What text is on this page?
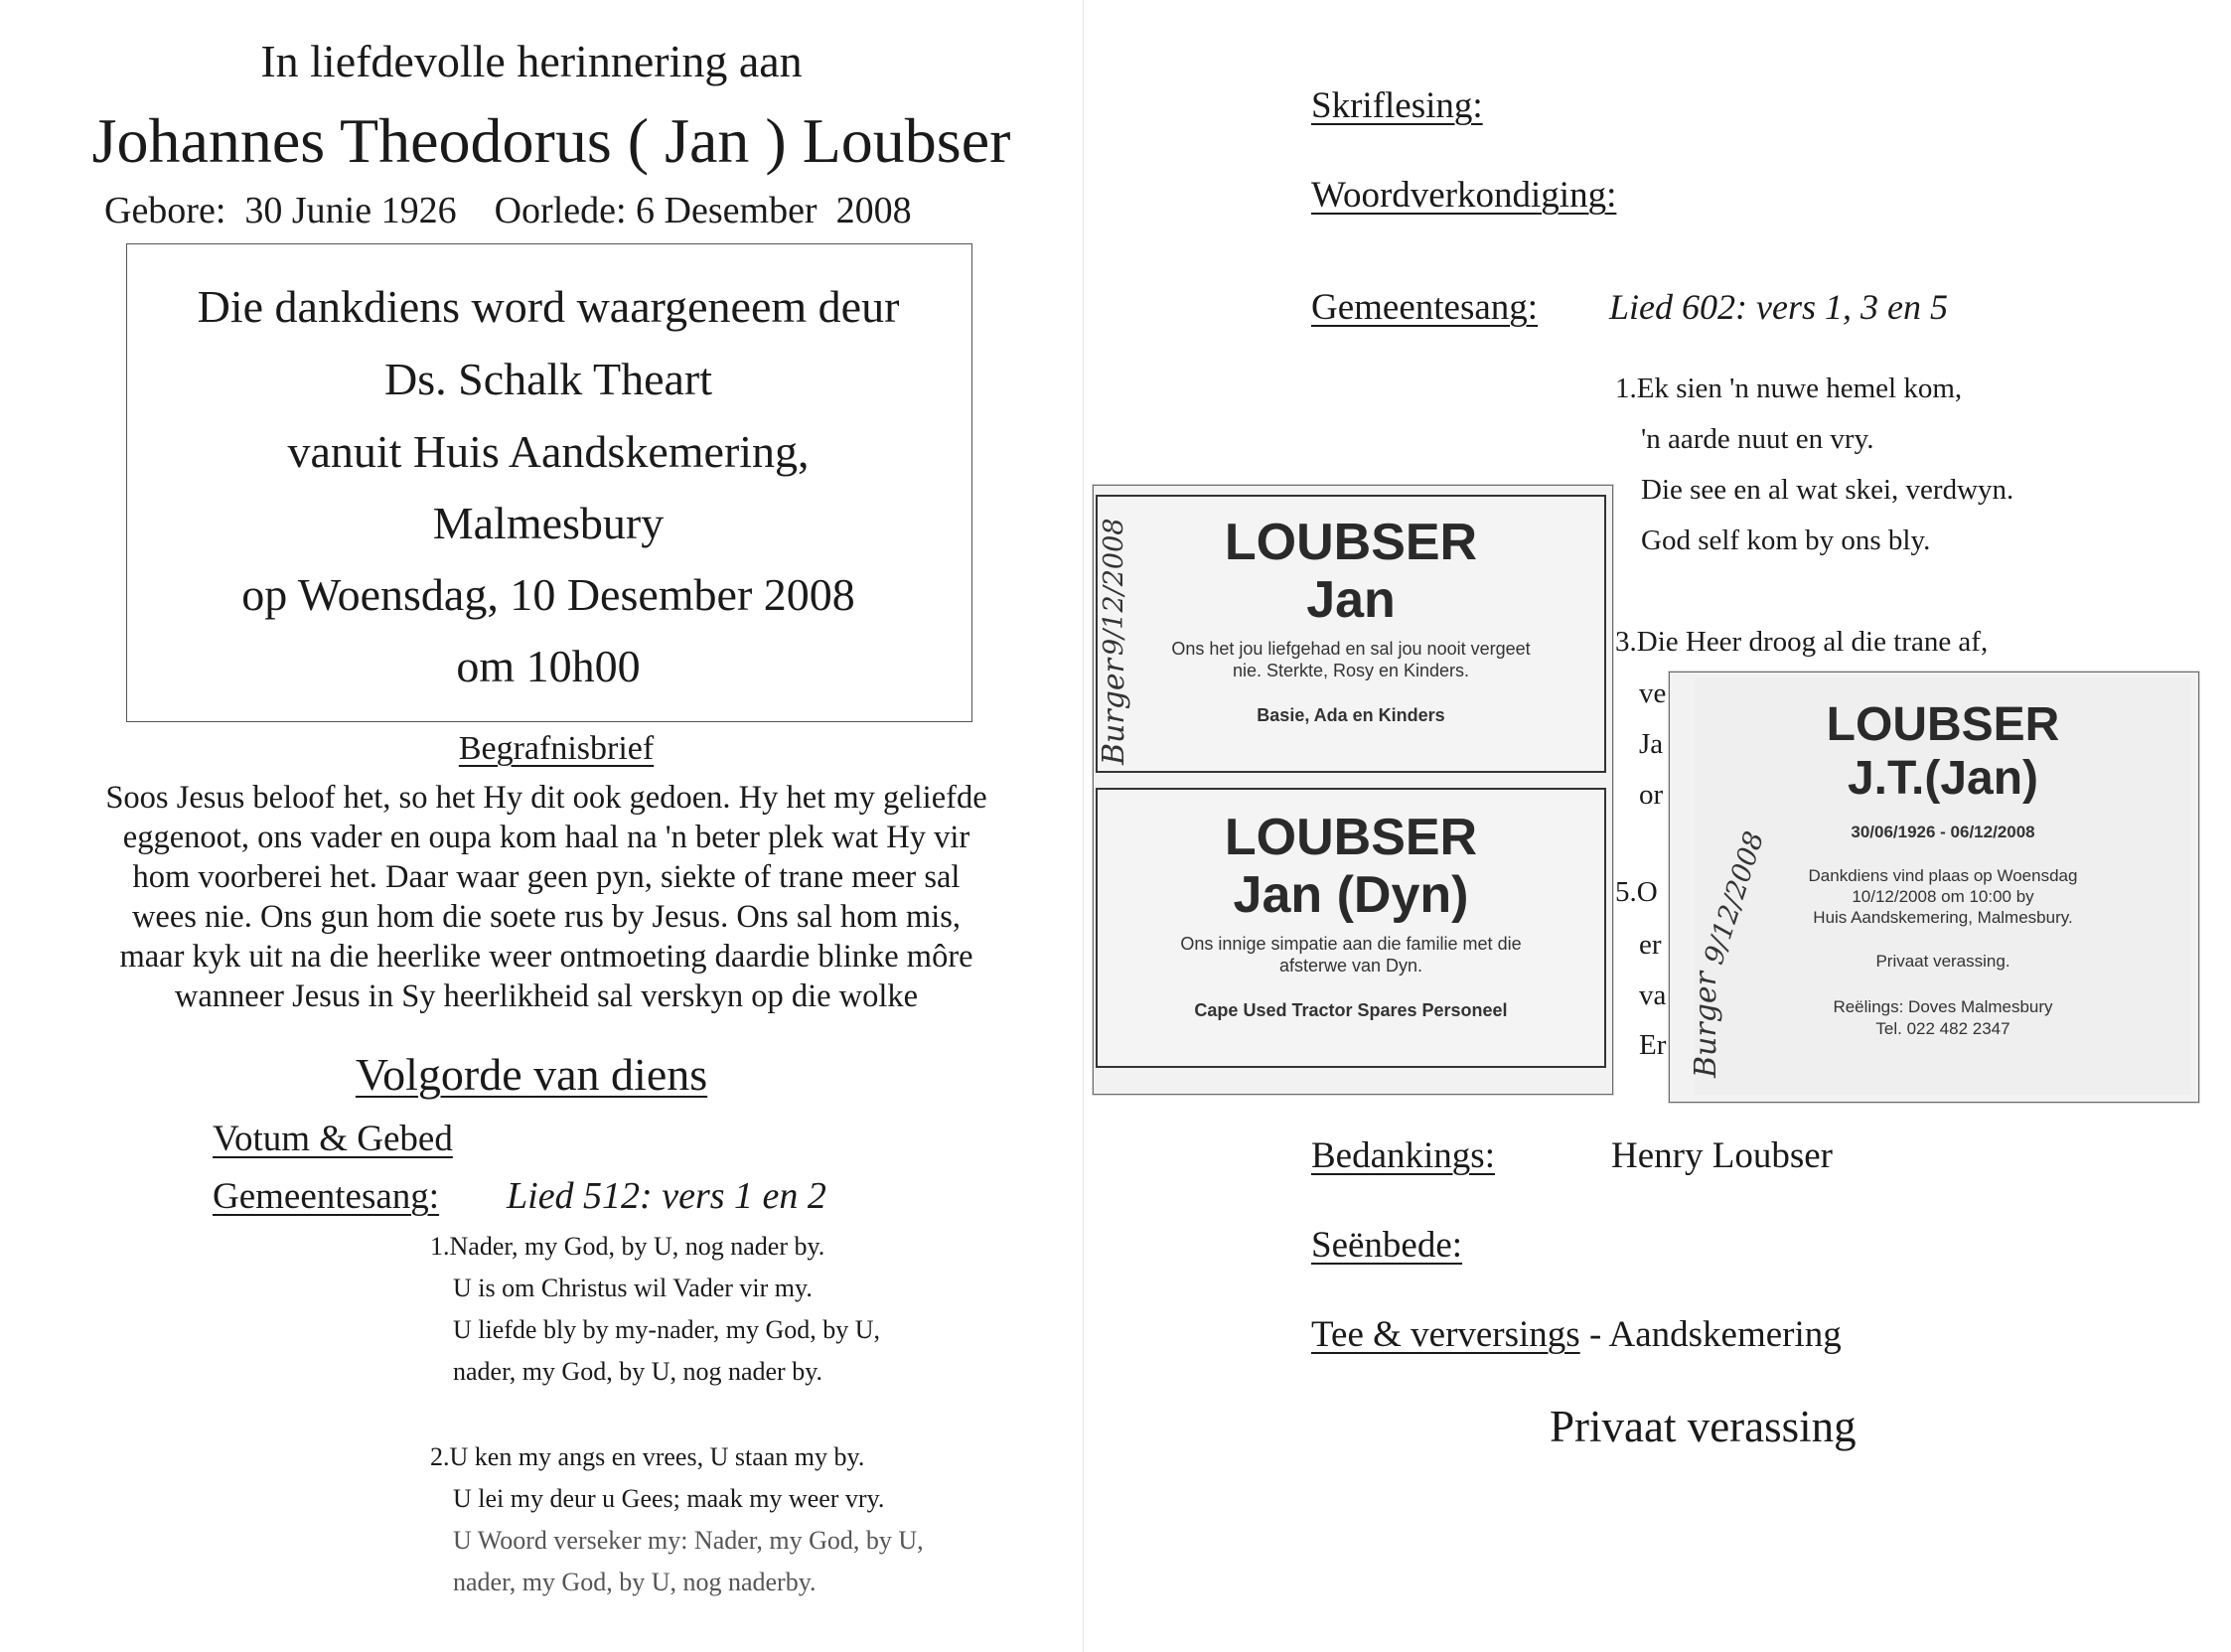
In liefdevolle herinnering aan
Johannes Theodorus ( Jan ) Loubser
Gebore:  30 Junie 1926    Oorlede: 6 Desember  2008
Die dankdiens word waargeneem deur
Ds. Schalk Theart
vanuit Huis Aandskemering,
Malmesbury
op Woensdag, 10 Desember 2008
om 10h00
Begrafnisbrief
Soos Jesus beloof het, so het Hy dit ook gedoen. Hy het my geliefde
eggenoot, ons vader en oupa kom haal na 'n beter plek wat Hy vir
hom voorberei het. Daar waar geen pyn, siekte of trane meer sal
wees nie. Ons gun hom die soete rus by Jesus. Ons sal hom mis,
maar kyk uit na die heerlike weer ontmoeting daardie blinke môre
wanneer Jesus in Sy heerlikheid sal verskyn op die wolke
Volgorde van diens
Votum & Gebed
Gemeentesang: Lied 512: vers 1 en 2
1.Nader, my God, by U, nog nader by.
U is om Christus wil Vader vir my.
U liefde bly by my-nader, my God, by U,
nader, my God, by U, nog nader by.
2.U ken my angs en vrees, U staan my by.
U lei my deur u Gees; maak my weer vry.
U Woord verseker my: Nader, my God, by U,
nader, my God, by U, nog naderby.
Skriflesing:
Woordverkondiging:
Gemeentesang: Lied 602: vers 1, 3 en 5
1.Ek sien 'n nuwe hemel kom,
'n aarde nuut en vry.
Die see en al wat skei, verdwyn.
God self kom by ons bly.
3.Die Heer droog al die trane af,
ve
Ja
or
5.O
er
va
Er
Bedankings:	Henry Loubser
Seënbede:
Tee & verversings - Aandskemering
Privaat verassing
LOUBSER
Jan
Ons het jou liefgehad en sal jou nooit vergeet
nie. Sterkte, Rosy en Kinders.
Basie, Ada en Kinders
Burger
9/12/2008
LOUBSER
Jan (Dyn)
Ons innige simpatie aan die familie met die
afsterwe van Dyn.
Cape Used Tractor Spares Personeel
LOUBSER
J.T.(Jan)
30/06/1926 - 06/12/2008
Dankdiens vind plaas op Woensdag
10/12/2008 om 10:00 by
Huis Aandskemering, Malmesbury.
Privaat verassing.
Reëlings: Doves Malmesbury
Tel. 022 482 2347
Burger
9/12/2008
